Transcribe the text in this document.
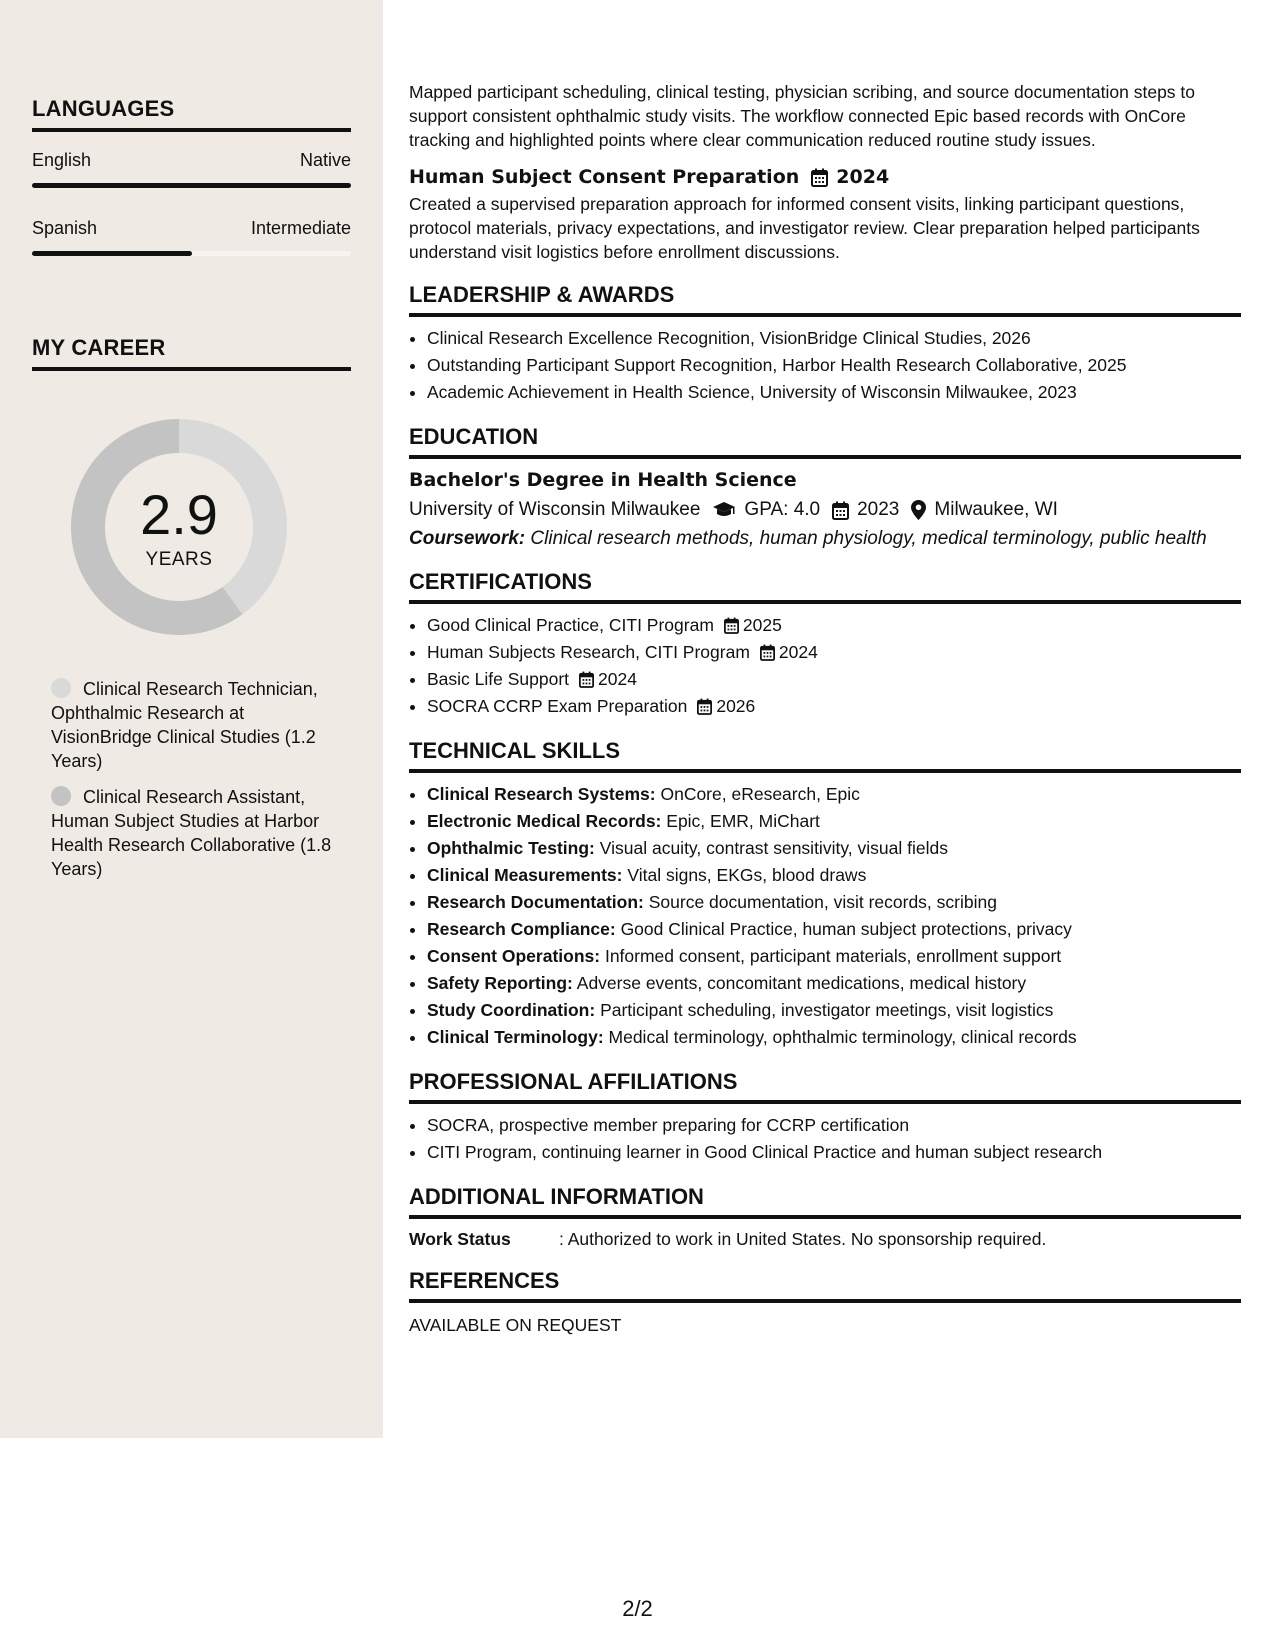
LANGUAGES
English	Native
Spanish	Intermediate
MY CAREER
2.9
YEARS
Clinical Research Technician, Ophthalmic Research at VisionBridge Clinical Studies (1.2 Years)
Clinical Research Assistant, Human Subject Studies at Harbor Health Research Collaborative (1.8 Years)

Mapped participant scheduling, clinical testing, physician scribing, and source documentation steps to support consistent ophthalmic study visits. The workflow connected Epic based records with OnCore tracking and highlighted points where clear communication reduced routine study issues.

Human Subject Consent Preparation 2024

Created a supervised preparation approach for informed consent visits, linking participant questions, protocol materials, privacy expectations, and investigator review. Clear preparation helped participants understand visit logistics before enrollment discussions.

LEADERSHIP & AWARDS
• Clinical Research Excellence Recognition, VisionBridge Clinical Studies, 2026
• Outstanding Participant Support Recognition, Harbor Health Research Collaborative, 2025
• Academic Achievement in Health Science, University of Wisconsin Milwaukee, 2023
EDUCATION
Bachelor's Degree in Health Science
University of Wisconsin Milwaukee GPA: 4.0 2023 Milwaukee, WI
Coursework: Clinical research methods, human physiology, medical terminology, public health
CERTIFICATIONS
• Good Clinical Practice, CITI Program 2025
• Human Subjects Research, CITI Program 2024
• Basic Life Support 2024
• SOCRA CCRP Exam Preparation 2026
TECHNICAL SKILLS
• Clinical Research Systems: OnCore, eResearch, Epic
• Electronic Medical Records: Epic, EMR, MiChart
• Ophthalmic Testing: Visual acuity, contrast sensitivity, visual fields
• Clinical Measurements: Vital signs, EKGs, blood draws
• Research Documentation: Source documentation, visit records, scribing
• Research Compliance: Good Clinical Practice, human subject protections, privacy
• Consent Operations: Informed consent, participant materials, enrollment support
• Safety Reporting: Adverse events, concomitant medications, medical history
• Study Coordination: Participant scheduling, investigator meetings, visit logistics
• Clinical Terminology: Medical terminology, ophthalmic terminology, clinical records
PROFESSIONAL AFFILIATIONS
• SOCRA, prospective member preparing for CCRP certification
• CITI Program, continuing learner in Good Clinical Practice and human subject research
ADDITIONAL INFORMATION
Work Status	: Authorized to work in United States. No sponsorship required.
REFERENCES
AVAILABLE ON REQUEST
2/2
